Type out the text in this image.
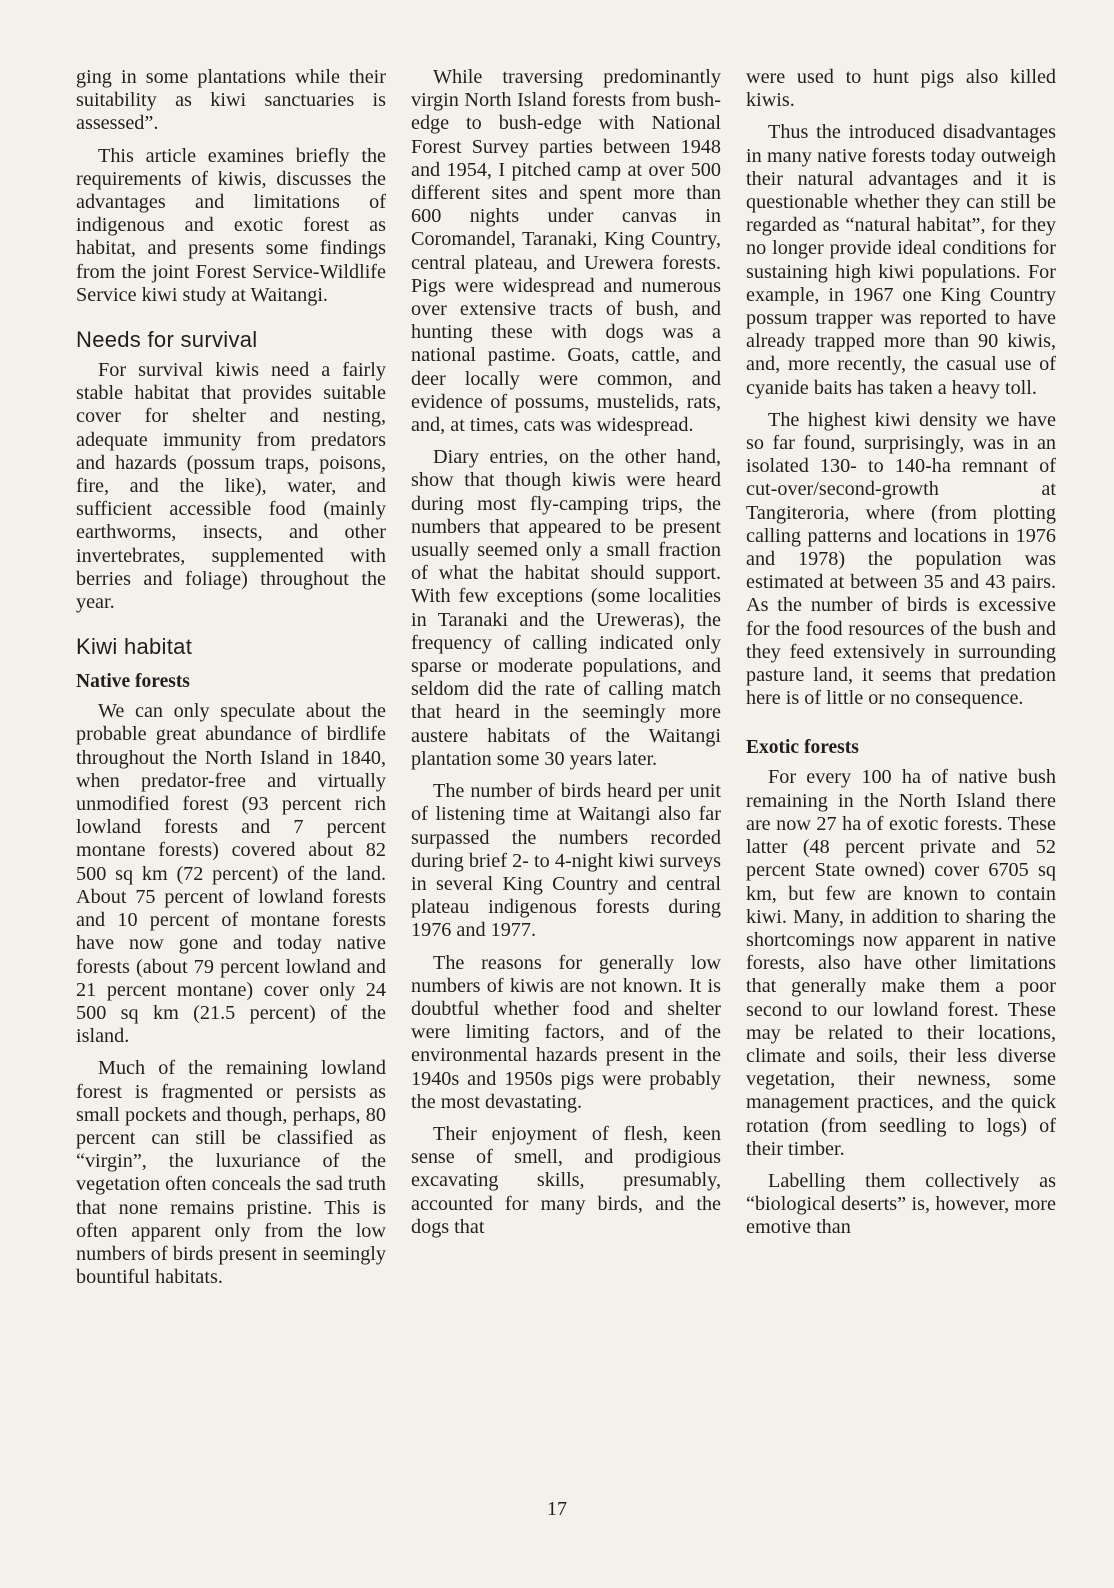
ging in some plantations while their suitability as kiwi sanctuaries is assessed”.

This article examines briefly the requirements of kiwis, discusses the advantages and limitations of indigenous and exotic forest as habitat, and presents some findings from the joint Forest Service-Wildlife Service kiwi study at Waitangi.

Needs for survival

For survival kiwis need a fairly stable habitat that provides suitable cover for shelter and nesting, adequate immunity from predators and hazards (possum traps, poisons, fire, and the like), water, and sufficient accessible food (mainly earthworms, insects, and other invertebrates, supplemented with berries and foliage) throughout the year.

Kiwi habitat
Native forests

We can only speculate about the probable great abundance of birdlife throughout the North Island in 1840, when predator-free and virtually unmodified forest (93 percent rich lowland forests and 7 percent montane forests) covered about 82 500 sq km (72 percent) of the land. About 75 percent of lowland forests and 10 percent of montane forests have now gone and today native forests (about 79 percent lowland and 21 percent montane) cover only 24 500 sq km (21.5 percent) of the island.

Much of the remaining lowland forest is fragmented or persists as small pockets and though, perhaps, 80 percent can still be classified as “virgin”, the luxuriance of the vegetation often conceals the sad truth that none remains pristine. This is often apparent only from the low numbers of birds present in seemingly bountiful habitats.

While traversing predominantly virgin North Island forests from bush-edge to bush-edge with National Forest Survey parties between 1948 and 1954, I pitched camp at over 500 different sites and spent more than 600 nights under canvas in Coromandel, Taranaki, King Country, central plateau, and Urewera forests. Pigs were widespread and numerous over extensive tracts of bush, and hunting these with dogs was a national pastime. Goats, cattle, and deer locally were common, and evidence of possums, mustelids, rats, and, at times, cats was widespread.

Diary entries, on the other hand, show that though kiwis were heard during most fly-camping trips, the numbers that appeared to be present usually seemed only a small fraction of what the habitat should support. With few exceptions (some localities in Taranaki and the Ureweras), the frequency of calling indicated only sparse or moderate populations, and seldom did the rate of calling match that heard in the seemingly more austere habitats of the Waitangi plantation some 30 years later.

The number of birds heard per unit of listening time at Waitangi also far surpassed the numbers recorded during brief 2- to 4-night kiwi surveys in several King Country and central plateau indigenous forests during 1976 and 1977.

The reasons for generally low numbers of kiwis are not known. It is doubtful whether food and shelter were limiting factors, and of the environmental hazards present in the 1940s and 1950s pigs were probably the most devastating.

Their enjoyment of flesh, keen sense of smell, and prodigious excavating skills, presumably, accounted for many birds, and the dogs that

were used to hunt pigs also killed kiwis.

Thus the introduced disadvantages in many native forests today outweigh their natural advantages and it is questionable whether they can still be regarded as “natural habitat”, for they no longer provide ideal conditions for sustaining high kiwi populations. For example, in 1967 one King Country possum trapper was reported to have already trapped more than 90 kiwis, and, more recently, the casual use of cyanide baits has taken a heavy toll.

The highest kiwi density we have so far found, surprisingly, was in an isolated 130- to 140-ha remnant of cut-over/second-growth at Tangiteroria, where (from plotting calling patterns and locations in 1976 and 1978) the population was estimated at between 35 and 43 pairs. As the number of birds is excessive for the food resources of the bush and they feed extensively in surrounding pasture land, it seems that predation here is of little or no consequence.

Exotic forests

For every 100 ha of native bush remaining in the North Island there are now 27 ha of exotic forests. These latter (48 percent private and 52 percent State owned) cover 6705 sq km, but few are known to contain kiwi. Many, in addition to sharing the shortcomings now apparent in native forests, also have other limitations that generally make them a poor second to our lowland forest. These may be related to their locations, climate and soils, their less diverse vegetation, their newness, some management practices, and the quick rotation (from seedling to logs) of their timber.

Labelling them collectively as “biological deserts” is, however, more emotive than

17
